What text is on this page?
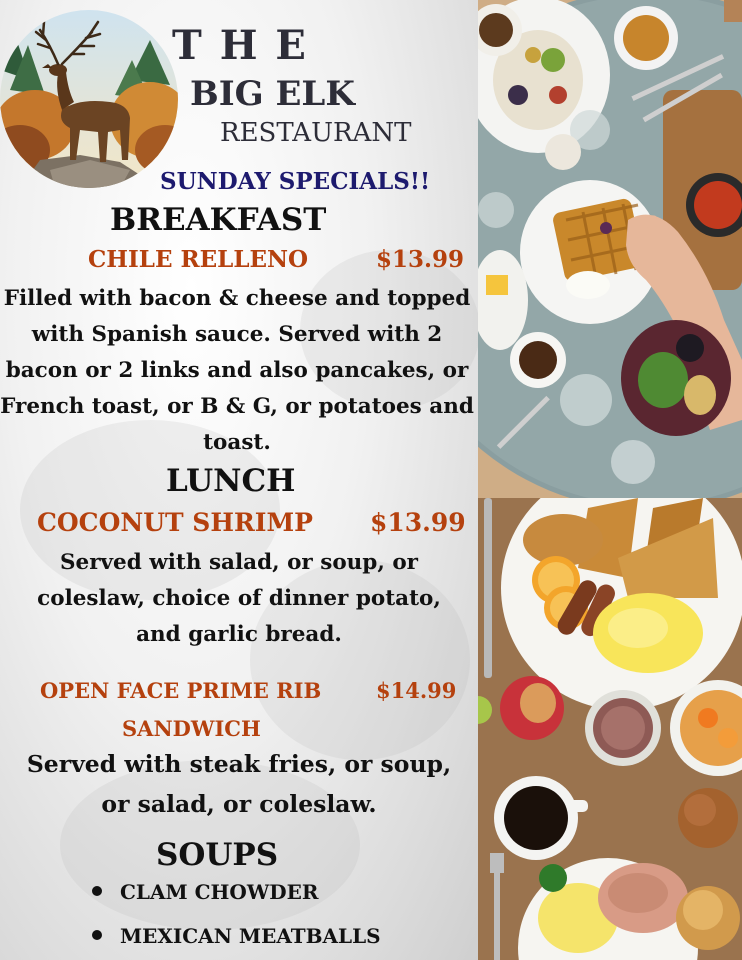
T H E
BIG ELK
RESTAURANT
SUNDAY SPECIALS!!
BREAKFAST
CHILE RELLENO	$13.99
Filled with bacon & cheese and topped
with Spanish sauce. Served with 2
bacon or 2 links and also pancakes, or
French toast, or B & G, or potatoes and
toast.
LUNCH
COCONUT SHRIMP $13.99
Served with salad, or soup, or
coleslaw, choice of dinner potato,
and garlic bread.
OPEN FACE PRIME RIB	$14.99
SANDWICH
Served with steak fries, or soup,
or salad, or coleslaw.
SOUPS
CLAM CHOWDER
MEXICAN MEATBALLS
